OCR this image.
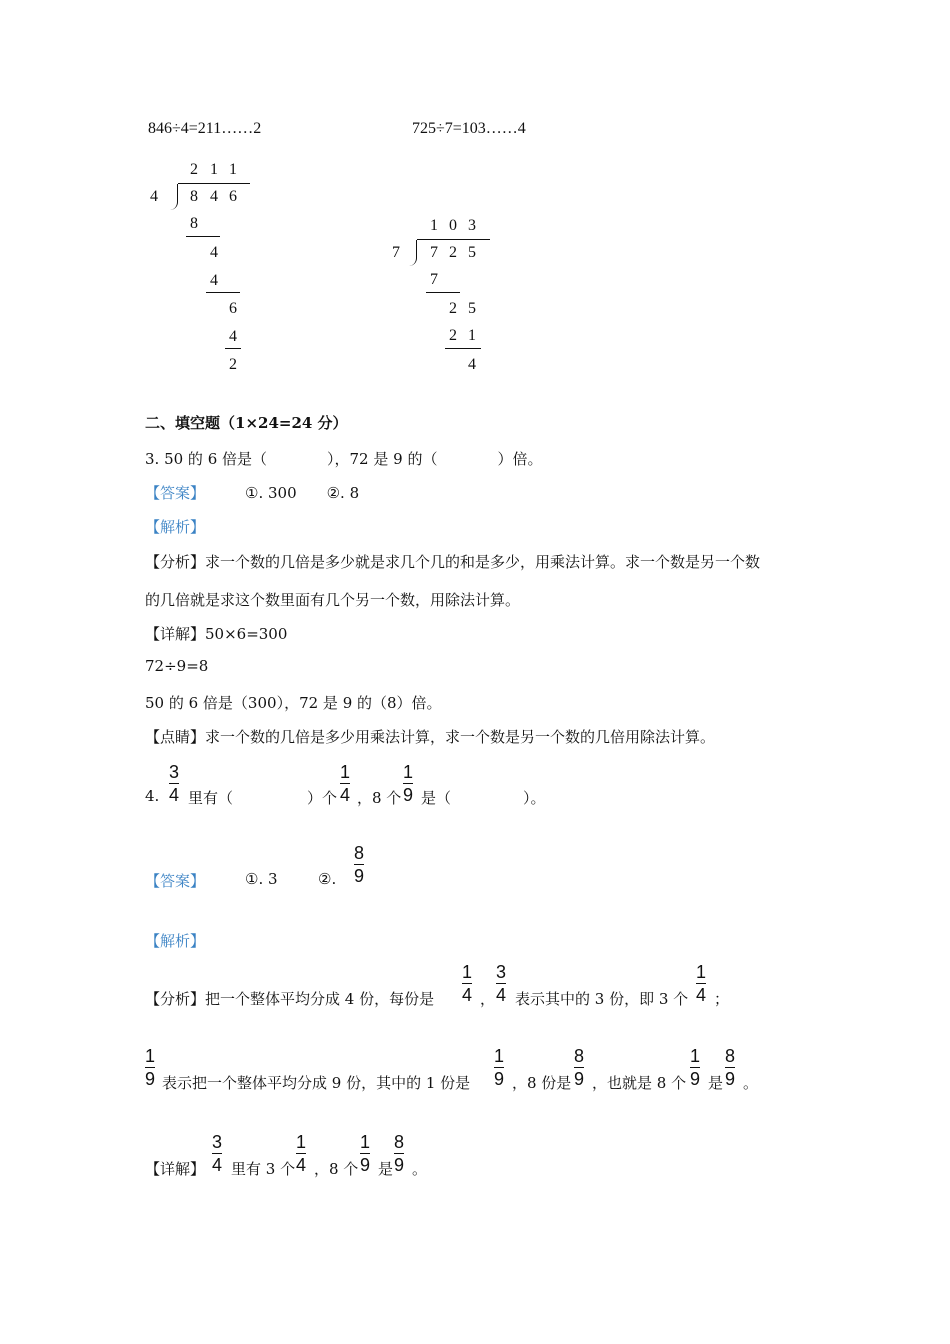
846÷4=211……2	725÷7=103……4
2 1 1
4 8 4 6
8
4
4
6
4
2
1 0 3
7 7 2 5
7
2 5
2 1
4
二、填空题（1×24=24 分）
3. 50 的 6 倍是（　　　　），72 是 9 的（　　　　）倍。
【答案】	①. 300　　②. 8
【解析】
【分析】求一个数的几倍是多少就是求几个几的和是多少，用乘法计算。求一个数是另一个数
的几倍就是求这个数里面有几个另一个数，用除法计算。
【详解】50×6=300
72÷9=8
50 的 6 倍是（300），72 是 9 的（8）倍。
【点睛】求一个数的几倍是多少用乘法计算，求一个数是另一个数的几倍用除法计算。
4.
3
4 里有（	）个
1
4 ，8 个
1
9 是（	）。
【答案】	①. 3	②.
8
9
【解析】
【分析】把一个整体平均分成 4 份，每份是
1
4 ，
3
4 表示其中的 3 份，即 3 个
1
4 ；
1
9 表示把一个整体平均分成 9 份，其中的 1 份是
1
9 ，8 份是
8
9 ，也就是 8 个
1
9 是
8
9 。
【详解】
3
4 里有 3 个
1
4 ，8 个
1
9 是
8
9 。
